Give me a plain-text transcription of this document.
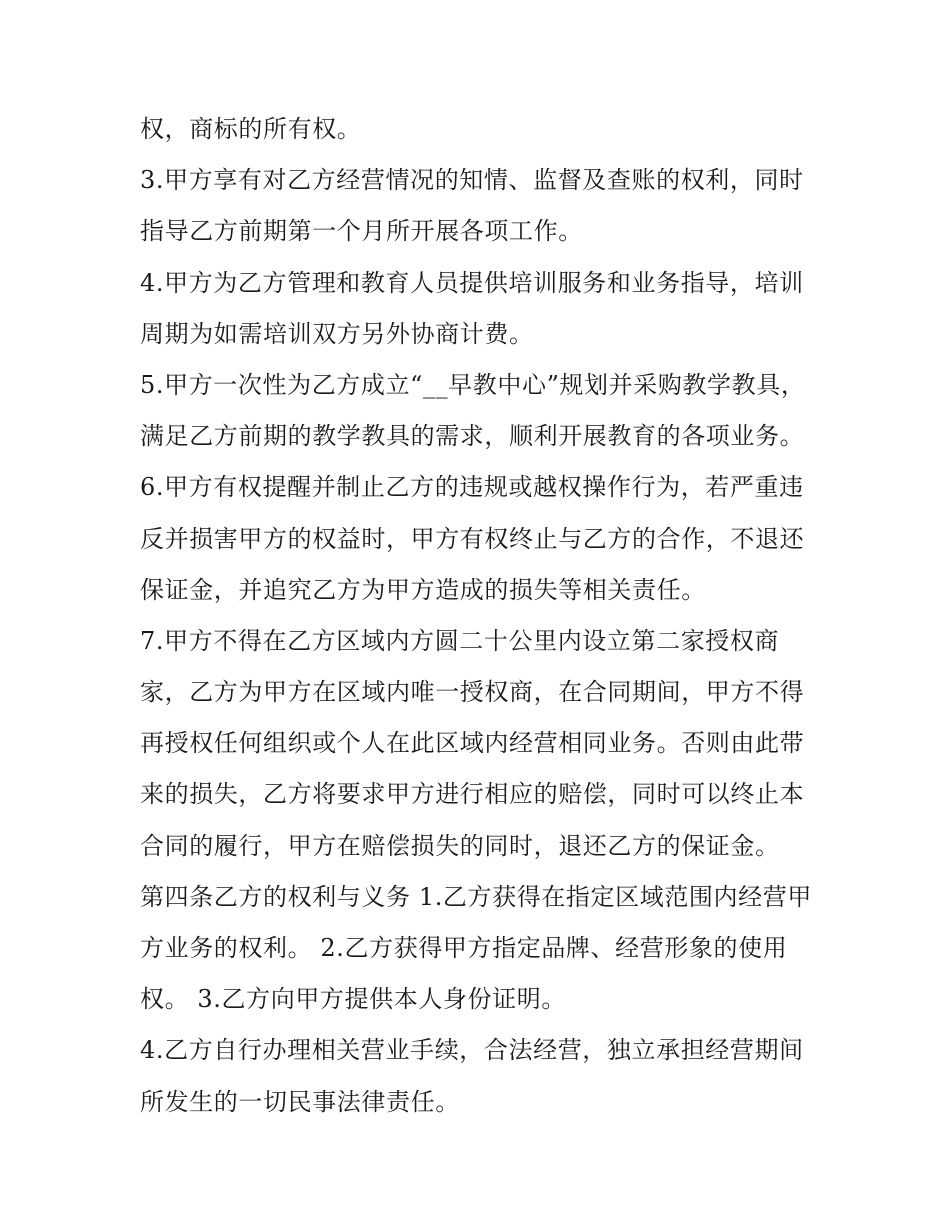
权，商标的所有权。
3.甲方享有对乙方经营情况的知情、监督及查账的权利，同时
指导乙方前期第一个月所开展各项工作。
4.甲方为乙方管理和教育人员提供培训服务和业务指导，培训
周期为如需培训双方另外协商计费。
5.甲方一次性为乙方成立“__早教中心”规划并采购教学教具，
满足乙方前期的教学教具的需求，顺利开展教育的各项业务。
6.甲方有权提醒并制止乙方的违规或越权操作行为，若严重违
反并损害甲方的权益时，甲方有权终止与乙方的合作，不退还
保证金，并追究乙方为甲方造成的损失等相关责任。
7.甲方不得在乙方区域内方圆二十公里内设立第二家授权商
家，乙方为甲方在区域内唯一授权商，在合同期间，甲方不得
再授权任何组织或个人在此区域内经营相同业务。否则由此带
来的损失，乙方将要求甲方进行相应的赔偿，同时可以终止本
合同的履行，甲方在赔偿损失的同时，退还乙方的保证金。
第四条乙方的权利与义务 1.乙方获得在指定区域范围内经营甲
方业务的权利。 2.乙方获得甲方指定品牌、经营形象的使用
权。 3.乙方向甲方提供本人身份证明。
4.乙方自行办理相关营业手续，合法经营，独立承担经营期间
所发生的一切民事法律责任。
